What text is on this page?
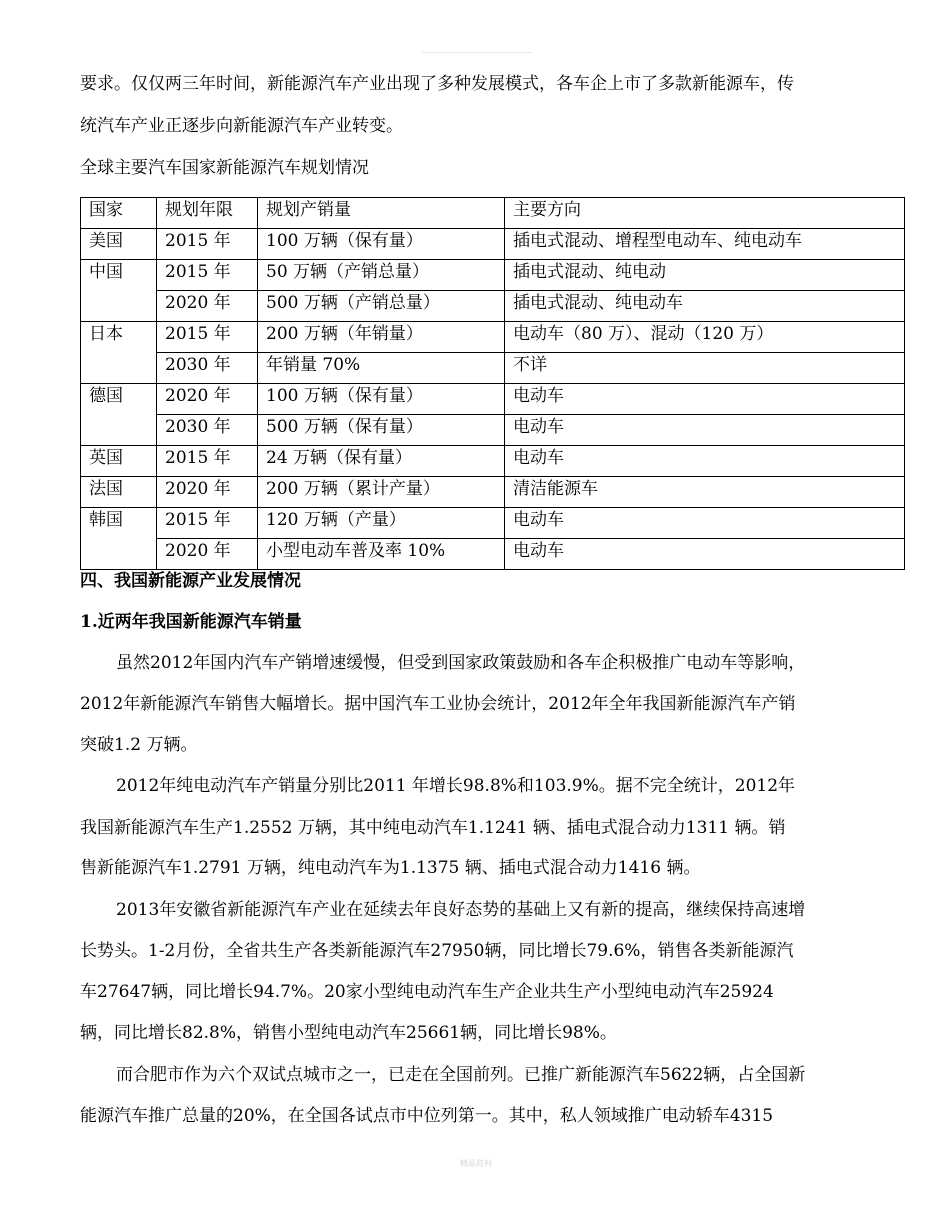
要求。仅仅两三年时间，新能源汽车产业出现了多种发展模式，各车企上市了多款新能源车，传

统汽车产业正逐步向新能源汽车产业转变。

全球主要汽车国家新能源汽车规划情况

国家	规划年限	规划产销量	主要方向
美国	2015 年	100 万辆（保有量）	插电式混动、增程型电动车、纯电动车
中国	2015 年	50 万辆（产销总量）	插电式混动、纯电动
	2020 年	500 万辆（产销总量）	插电式混动、纯电动车
日本	2015 年	200 万辆（年销量）	电动车（80 万）、混动（120 万）
	2030 年	年销量 70%	不详
德国	2020 年	100 万辆（保有量）	电动车
	2030 年	500 万辆（保有量）	电动车
英国	2015 年	24 万辆（保有量）	电动车
法国	2020 年	200 万辆（累计产量）	清洁能源车
韩国	2015 年	120 万辆（产量）	电动车
	2020 年	小型电动车普及率 10%	电动车

四、我国新能源产业发展情况

1.近两年我国新能源汽车销量

虽然2012年国内汽车产销增速缓慢，但受到国家政策鼓励和各车企积极推广电动车等影响，

2012年新能源汽车销售大幅增长。据中国汽车工业协会统计，2012年全年我国新能源汽车产销

突破1.2 万辆。

2012年纯电动汽车产销量分别比2011 年增长98.8%和103.9%。据不完全统计，2012年

我国新能源汽车生产1.2552 万辆，其中纯电动汽车1.1241 辆、插电式混合动力1311 辆。销

售新能源汽车1.2791 万辆，纯电动汽车为1.1375 辆、插电式混合动力1416 辆。

2013年安徽省新能源汽车产业在延续去年良好态势的基础上又有新的提高，继续保持高速增

长势头。1-2月份，全省共生产各类新能源汽车27950辆，同比增长79.6%，销售各类新能源汽

车27647辆，同比增长94.7%。20家小型纯电动汽车生产企业共生产小型纯电动汽车25924

辆，同比增长82.8%，销售小型纯电动汽车25661辆，同比增长98%。

而合肥市作为六个双试点城市之一，已走在全国前列。已推广新能源汽车5622辆，占全国新

能源汽车推广总量的20%，在全国各试点市中位列第一。其中，私人领域推广电动轿车4315

精品资料
